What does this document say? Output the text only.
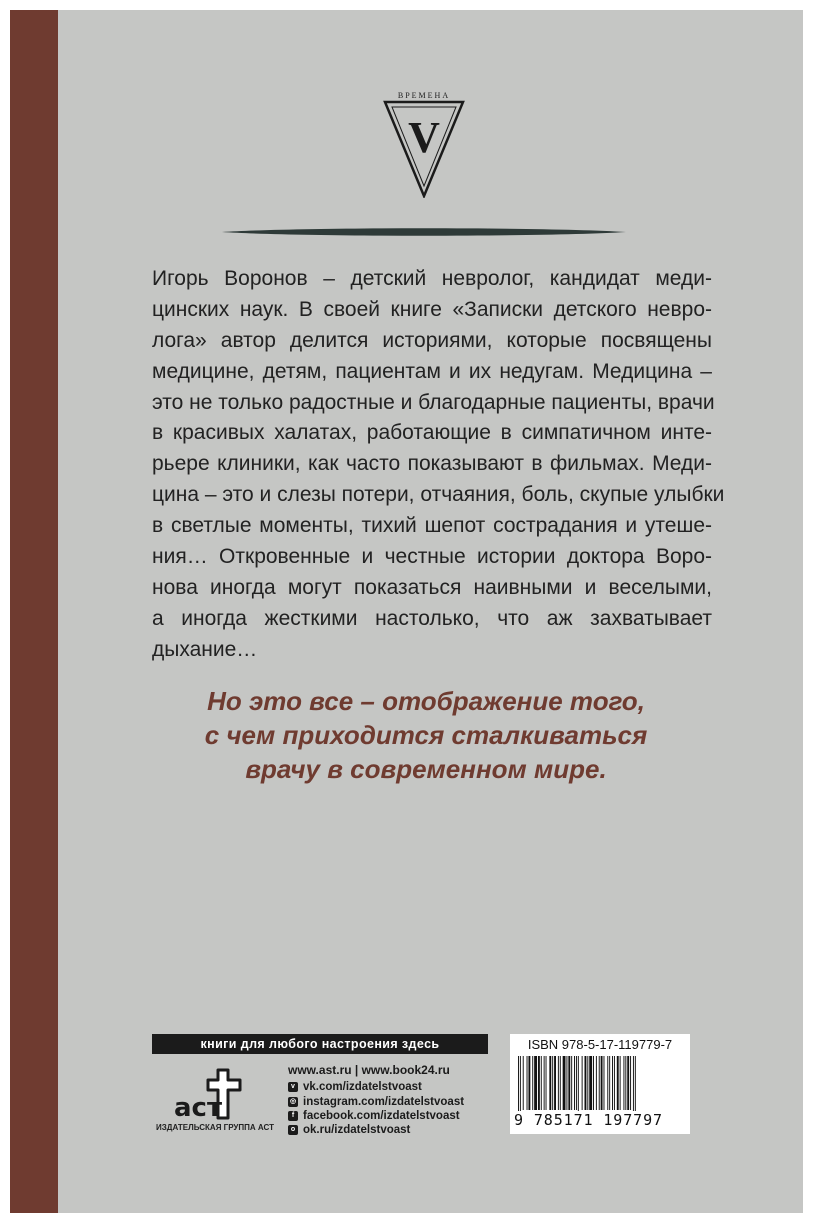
ВРЕМЕНА
V
Игорь Воронов – детский невролог, кандидат меди-
цинских наук. В своей книге «Записки детского невро-
лога» автор делится историями, которые посвящены
медицине, детям, пациентам и их недугам. Медицина –
это не только радостные и благодарные пациенты, врачи
в красивых халатах, работающие в симпатичном инте-
рьере клиники, как часто показывают в фильмах. Меди-
цина – это и слезы потери, отчаяния, боль, скупые улыбки
в светлые моменты, тихий шепот сострадания и утеше-
ния… Откровенные и честные истории доктора Воро-
нова иногда могут показаться наивными и веселыми,
а иногда жесткими настолько, что аж захватывает
дыхание…
Но это все – отображение того,
с чем приходится сталкиваться
врачу в современном мире.
книги для любого настроения здесь
аст
ИЗДАТЕЛЬСКАЯ ГРУППА АСТ
www.ast.ru | www.book24.ru
v vk.com/izdatelstvoast
◎ instagram.com/izdatelstvoast
f facebook.com/izdatelstvoast
o ok.ru/izdatelstvoast
ISBN 978-5-17-119779-7
9 785171 197797
